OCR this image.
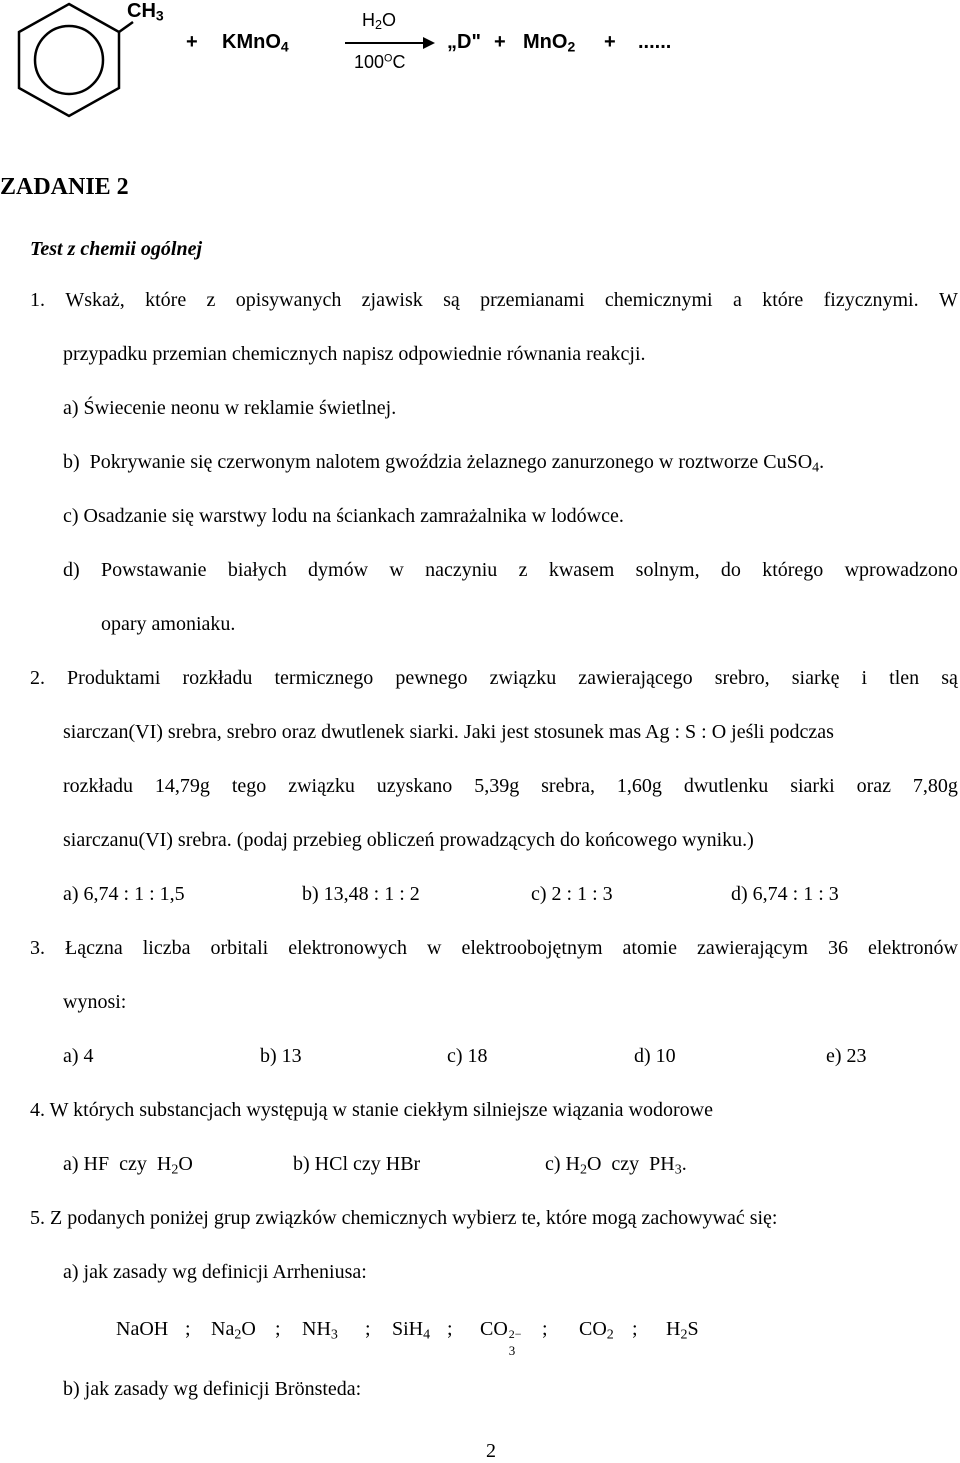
CH3
+ KMnO4
H2O
$100^OC$
„D" + MnO2 + ......
ZADANIE 2
Test z chemii ogólnej
1. Wskaż, które z opisywanych zjawisk są przemianami chemicznymi a które fizycznymi. W
przypadku przemian chemicznych napisz odpowiednie równania reakcji.
a) Świecenie neonu w reklamie świetlnej.
b)  Pokrywanie się czerwonym nalotem gwoździa żelaznego zanurzonego w roztworze CuSO4.
c) Osadzanie się warstwy lodu na ściankach zamrażalnika w lodówce.
d) Powstawanie białych dymów w naczyniu z kwasem solnym, do którego wprowadzono
opary amoniaku.
2. Produktami rozkładu termicznego pewnego związku zawierającego srebro, siarkę i tlen są
siarczan(VI) srebra, srebro oraz dwutlenek siarki. Jaki jest stosunek mas Ag : S : O jeśli podczas
rozkładu 14,79g tego związku uzyskano 5,39g srebra, 1,60g dwutlenku siarki oraz 7,80g
siarczanu(VI) srebra. (podaj przebieg obliczeń prowadzących do końcowego wyniku.)
a) 6,74 : 1 : 1,5	b) 13,48 : 1 : 2	c) 2 : 1 : 3	d) 6,74 : 1 : 3
3. Łączna liczba orbitali elektronowych w elektroobojętnym atomie zawierającym 36 elektronów
wynosi:
a) 4	b) 13	c) 18	d) 10	e) 23
4. W których substancjach występują w stanie ciekłym silniejsze wiązania wodorowe
a) HF  czy  H2O	b) HCl czy HBr	c) H2O  czy  PH3.
5. Z podanych poniżej grup związków chemicznych wybierz te, które mogą zachowywać się:
a) jak zasady wg definicji Arrheniusa:
NaOH ; Na2O ; NH3 ; SiH4 ; CO 2−
3
; CO2 ; H2S
b) jak zasady wg definicji Brönsteda:
2
